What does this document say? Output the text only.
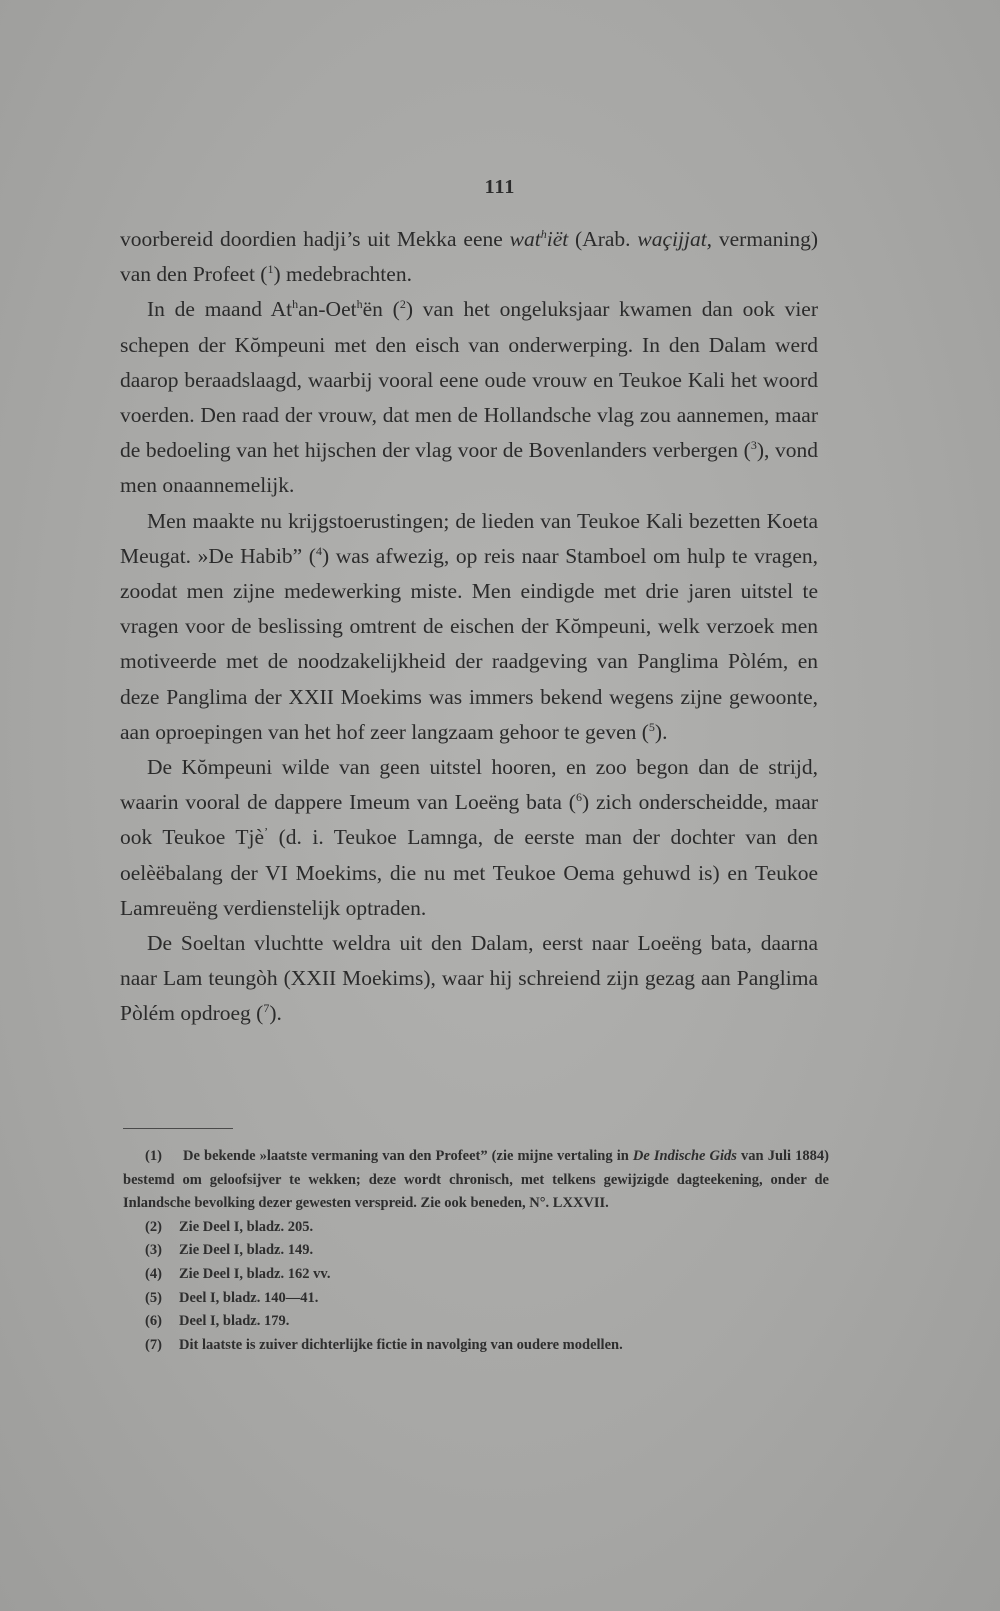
111

voorbereid doordien hadji’s uit Mekka eene wat$^h$iët (Arab. waçijjat, vermaning) van den Profeet ($^1$) medebrachten.

In de maand At$^h$an-Oet$^h$ën ($^2$) van het ongeluksjaar kwamen dan ook vier schepen der Kŏmpeuni met den eisch van onderwerping. In den Dalam werd daarop beraadslaagd, waarbij vooral eene oude vrouw en Teukoe Kali het woord voerden. Den raad der vrouw, dat men de Hollandsche vlag zou aannemen, maar de bedoeling van het hijschen der vlag voor de Bovenlanders verbergen ($^3$), vond men onaannemelijk.

Men maakte nu krijgstoerustingen; de lieden van Teukoe Kali bezetten Koeta Meugat. »De Habib” ($^4$) was afwezig, op reis naar Stamboel om hulp te vragen, zoodat men zijne medewerking miste. Men eindigde met drie jaren uitstel te vragen voor de beslissing omtrent de eischen der Kŏmpeuni, welk verzoek men motiveerde met de noodzakelijkheid der raadgeving van Panglima Pòlém, en deze Panglima der XXII Moekims was immers bekend wegens zijne gewoonte, aan oproepingen van het hof zeer langzaam gehoor te geven ($^5$).

De Kŏmpeuni wilde van geen uitstel hooren, en zoo begon dan de strijd, waarin vooral de dappere Imeum van Loeëng bata ($^6$) zich onderscheidde, maar ook Teukoe Tjè$^ʼ$ (d. i. Teukoe Lamnga, de eerste man der dochter van den oelèëbalang der VI Moekims, die nu met Teukoe Oema gehuwd is) en Teukoe Lamreuëng verdienstelijk optraden.

De Soeltan vluchtte weldra uit den Dalam, eerst naar Loeëng bata, daarna naar Lam teungòh (XXII Moekims), waar hij schreiend zijn gezag aan Panglima Pòlém opdroeg ($^7$).

(1) De bekende »laatste vermaning van den Profeet” (zie mijne vertaling in De Indische Gids van Juli 1884) bestemd om geloofsijver te wekken; deze wordt chronisch, met telkens gewijzigde dagteekening, onder de Inlandsche bevolking dezer gewesten verspreid. Zie ook beneden, N°. LXXVII.

(2) Zie Deel I, bladz. 205.

(3) Zie Deel I, bladz. 149.

(4) Zie Deel I, bladz. 162 vv.

(5) Deel I, bladz. 140—41.

(6) Deel I, bladz. 179.

(7) Dit laatste is zuiver dichterlijke fictie in navolging van oudere modellen.
